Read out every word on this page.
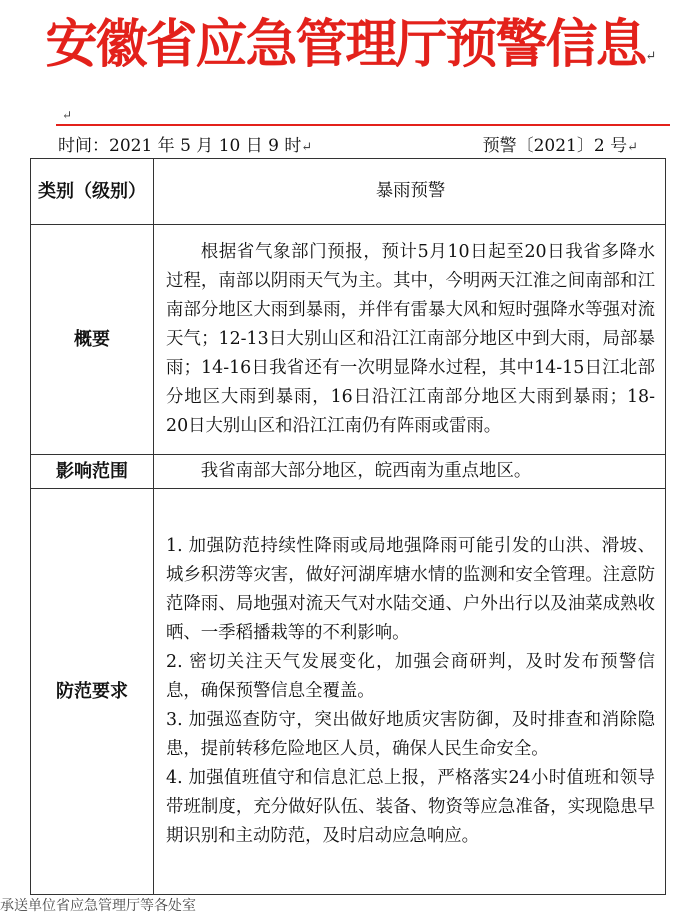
安徽省应急管理厅预警信息↵
↵
时间：2021 年 5 月 10 日 9 时↵	预警〔2021〕2 号↵
类别（级别）	暴雨预警
概要	根据省气象部门预报，预计5月10日起至20日我省多降水过程，南部以阴雨天气为主。其中，今明两天江淮之间南部和江南部分地区大雨到暴雨，并伴有雷暴大风和短时强降水等强对流天气；12-13日大别山区和沿江江南部分地区中到大雨，局部暴雨；14-16日我省还有一次明显降水过程，其中14-15日江北部分地区大雨到暴雨，16日沿江江南部分地区大雨到暴雨；18-20日大别山区和沿江江南仍有阵雨或雷雨。
影响范围	我省南部大部分地区，皖西南为重点地区。
防范要求	1. 加强防范持续性降雨或局地强降雨可能引发的山洪、滑坡、城乡积涝等灾害，做好河湖库塘水情的监测和安全管理。注意防范降雨、局地强对流天气对水陆交通、户外出行以及油菜成熟收晒、一季稻播栽等的不利影响。

2. 密切关注天气发展变化，加强会商研判，及时发布预警信息，确保预警信息全覆盖。

3. 加强巡查防守，突出做好地质灾害防御，及时排查和消除隐患，提前转移危险地区人员，确保人民生命安全。

4. 加强值班值守和信息汇总上报，严格落实24小时值班和领导带班制度，充分做好队伍、装备、物资等应急准备，实现隐患早期识别和主动防范，及时启动应急响应。

承送单位省应急管理厅等各处室
